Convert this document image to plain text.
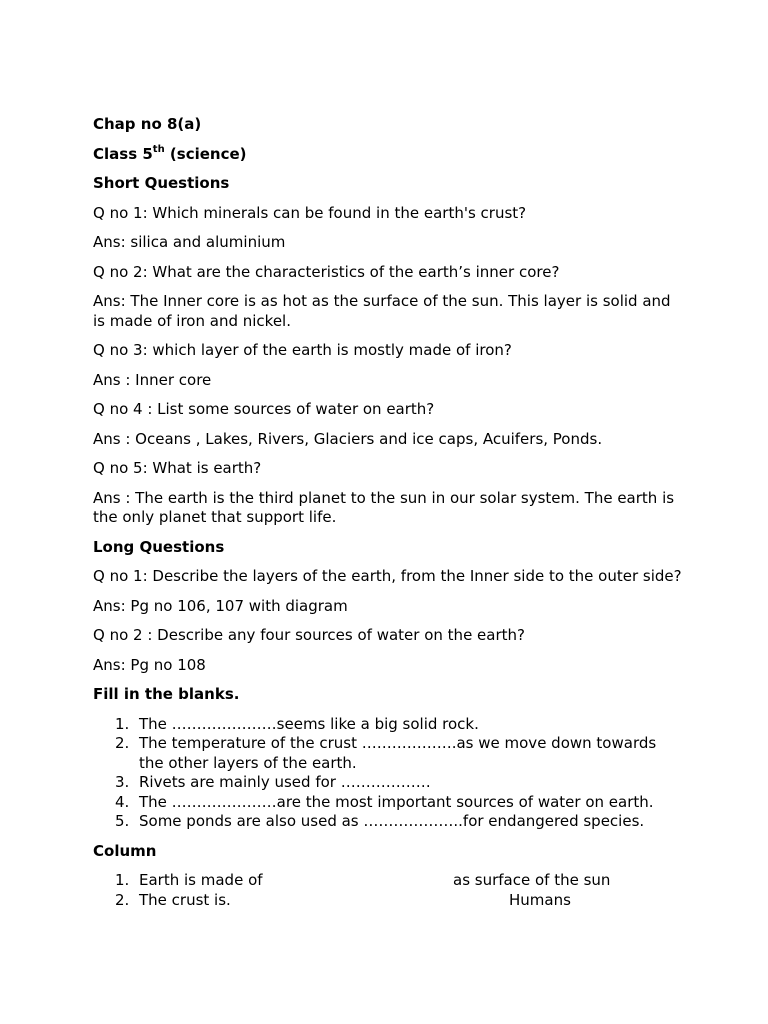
Chap no 8(a)

Class 5th (science)

Short Questions

Q no 1: Which minerals can be found in the earth's crust?

Ans: silica and aluminium

Q no 2: What are the characteristics of the earth’s inner core?

Ans: The Inner core is as hot as the surface of the sun. This layer is solid and is made of iron and nickel.

Q no 3: which layer of the earth is mostly made of iron?

Ans : Inner core

Q no 4 : List some sources of water on earth?

Ans : Oceans , Lakes, Rivers, Glaciers and ice caps, Acuifers, Ponds.

Q no 5: What is earth?

Ans : The earth is the third planet to the sun in our solar system. The earth is the only planet that support life.

Long Questions

Q no 1: Describe the layers of the earth, from the Inner side to the outer side?

Ans: Pg no 106, 107 with diagram

Q no 2 : Describe any four sources of water on the earth?

Ans: Pg no 108

Fill in the blanks.

1. The …………………seems like a big solid rock.
2. The temperature of the crust ……………….as we move down towards the other layers of the earth.
3. Rivets are mainly used for ………………
4. The …………………are the most important sources of water on earth.
5. Some ponds are also used as ………………..for endangered species.

Column

1. Earth is made of	as surface of the sun
2. The crust is.	Humans
